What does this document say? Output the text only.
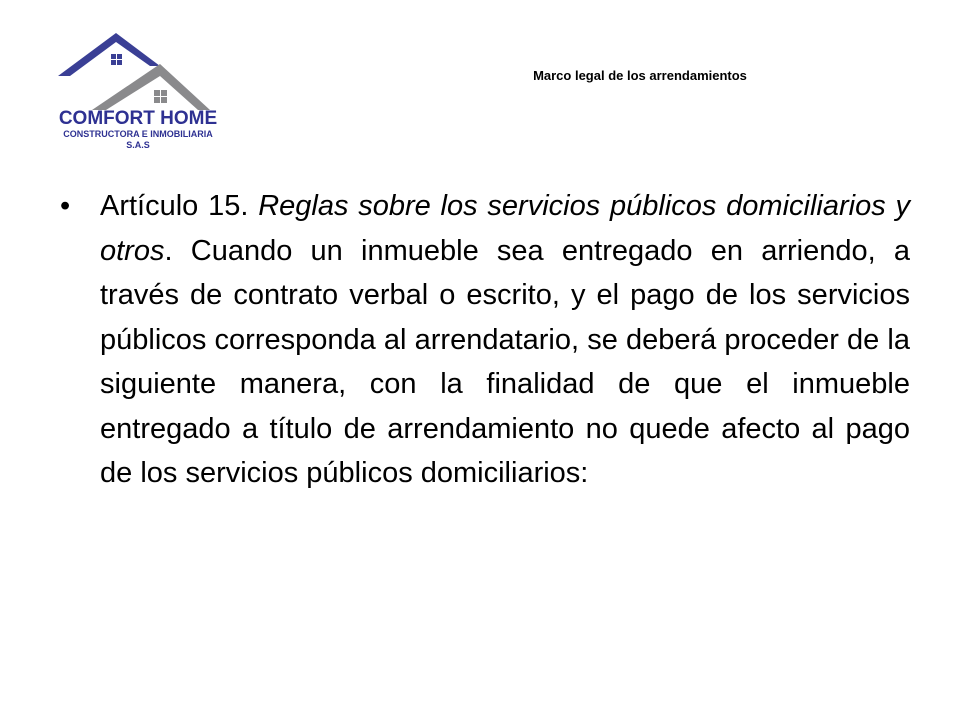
COMFORT HOME
CONSTRUCTORA E INMOBILIARIA
S.A.S
Marco legal de los arrendamientos
• Artículo 15. Reglas sobre los servicios públicos domiciliarios y otros. Cuando un inmueble sea entregado en arriendo, a través de contrato verbal o escrito, y el pago de los servicios públicos corresponda al arrendatario, se deberá proceder de la siguiente manera, con la finalidad de que el inmueble entregado a título de arrendamiento no quede afecto al pago de los servicios públicos domiciliarios:
